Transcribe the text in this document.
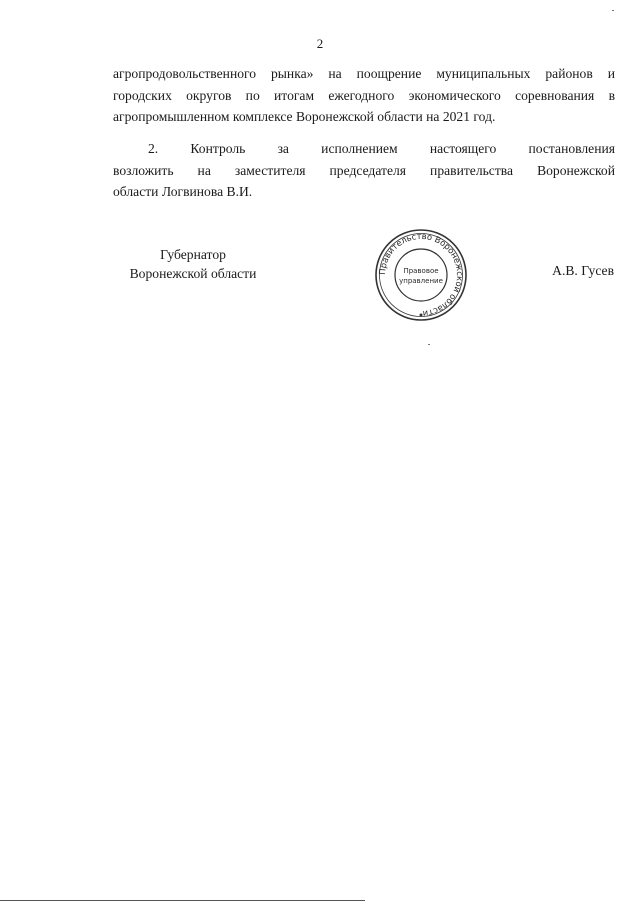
2
агропродовольственного рынка» на поощрение муниципальных районов и
городских округов по итогам ежегодного экономического соревнования в
агропромышленном комплексе Воронежской области на 2021 год.
2. Контроль за исполнением настоящего постановления
возложить на заместителя председателя правительства Воронежской
области Логвинова В.И.
Губернатор
Воронежской области	Правительство Воронежской области
Правовое
управление
А.В. Гусев
